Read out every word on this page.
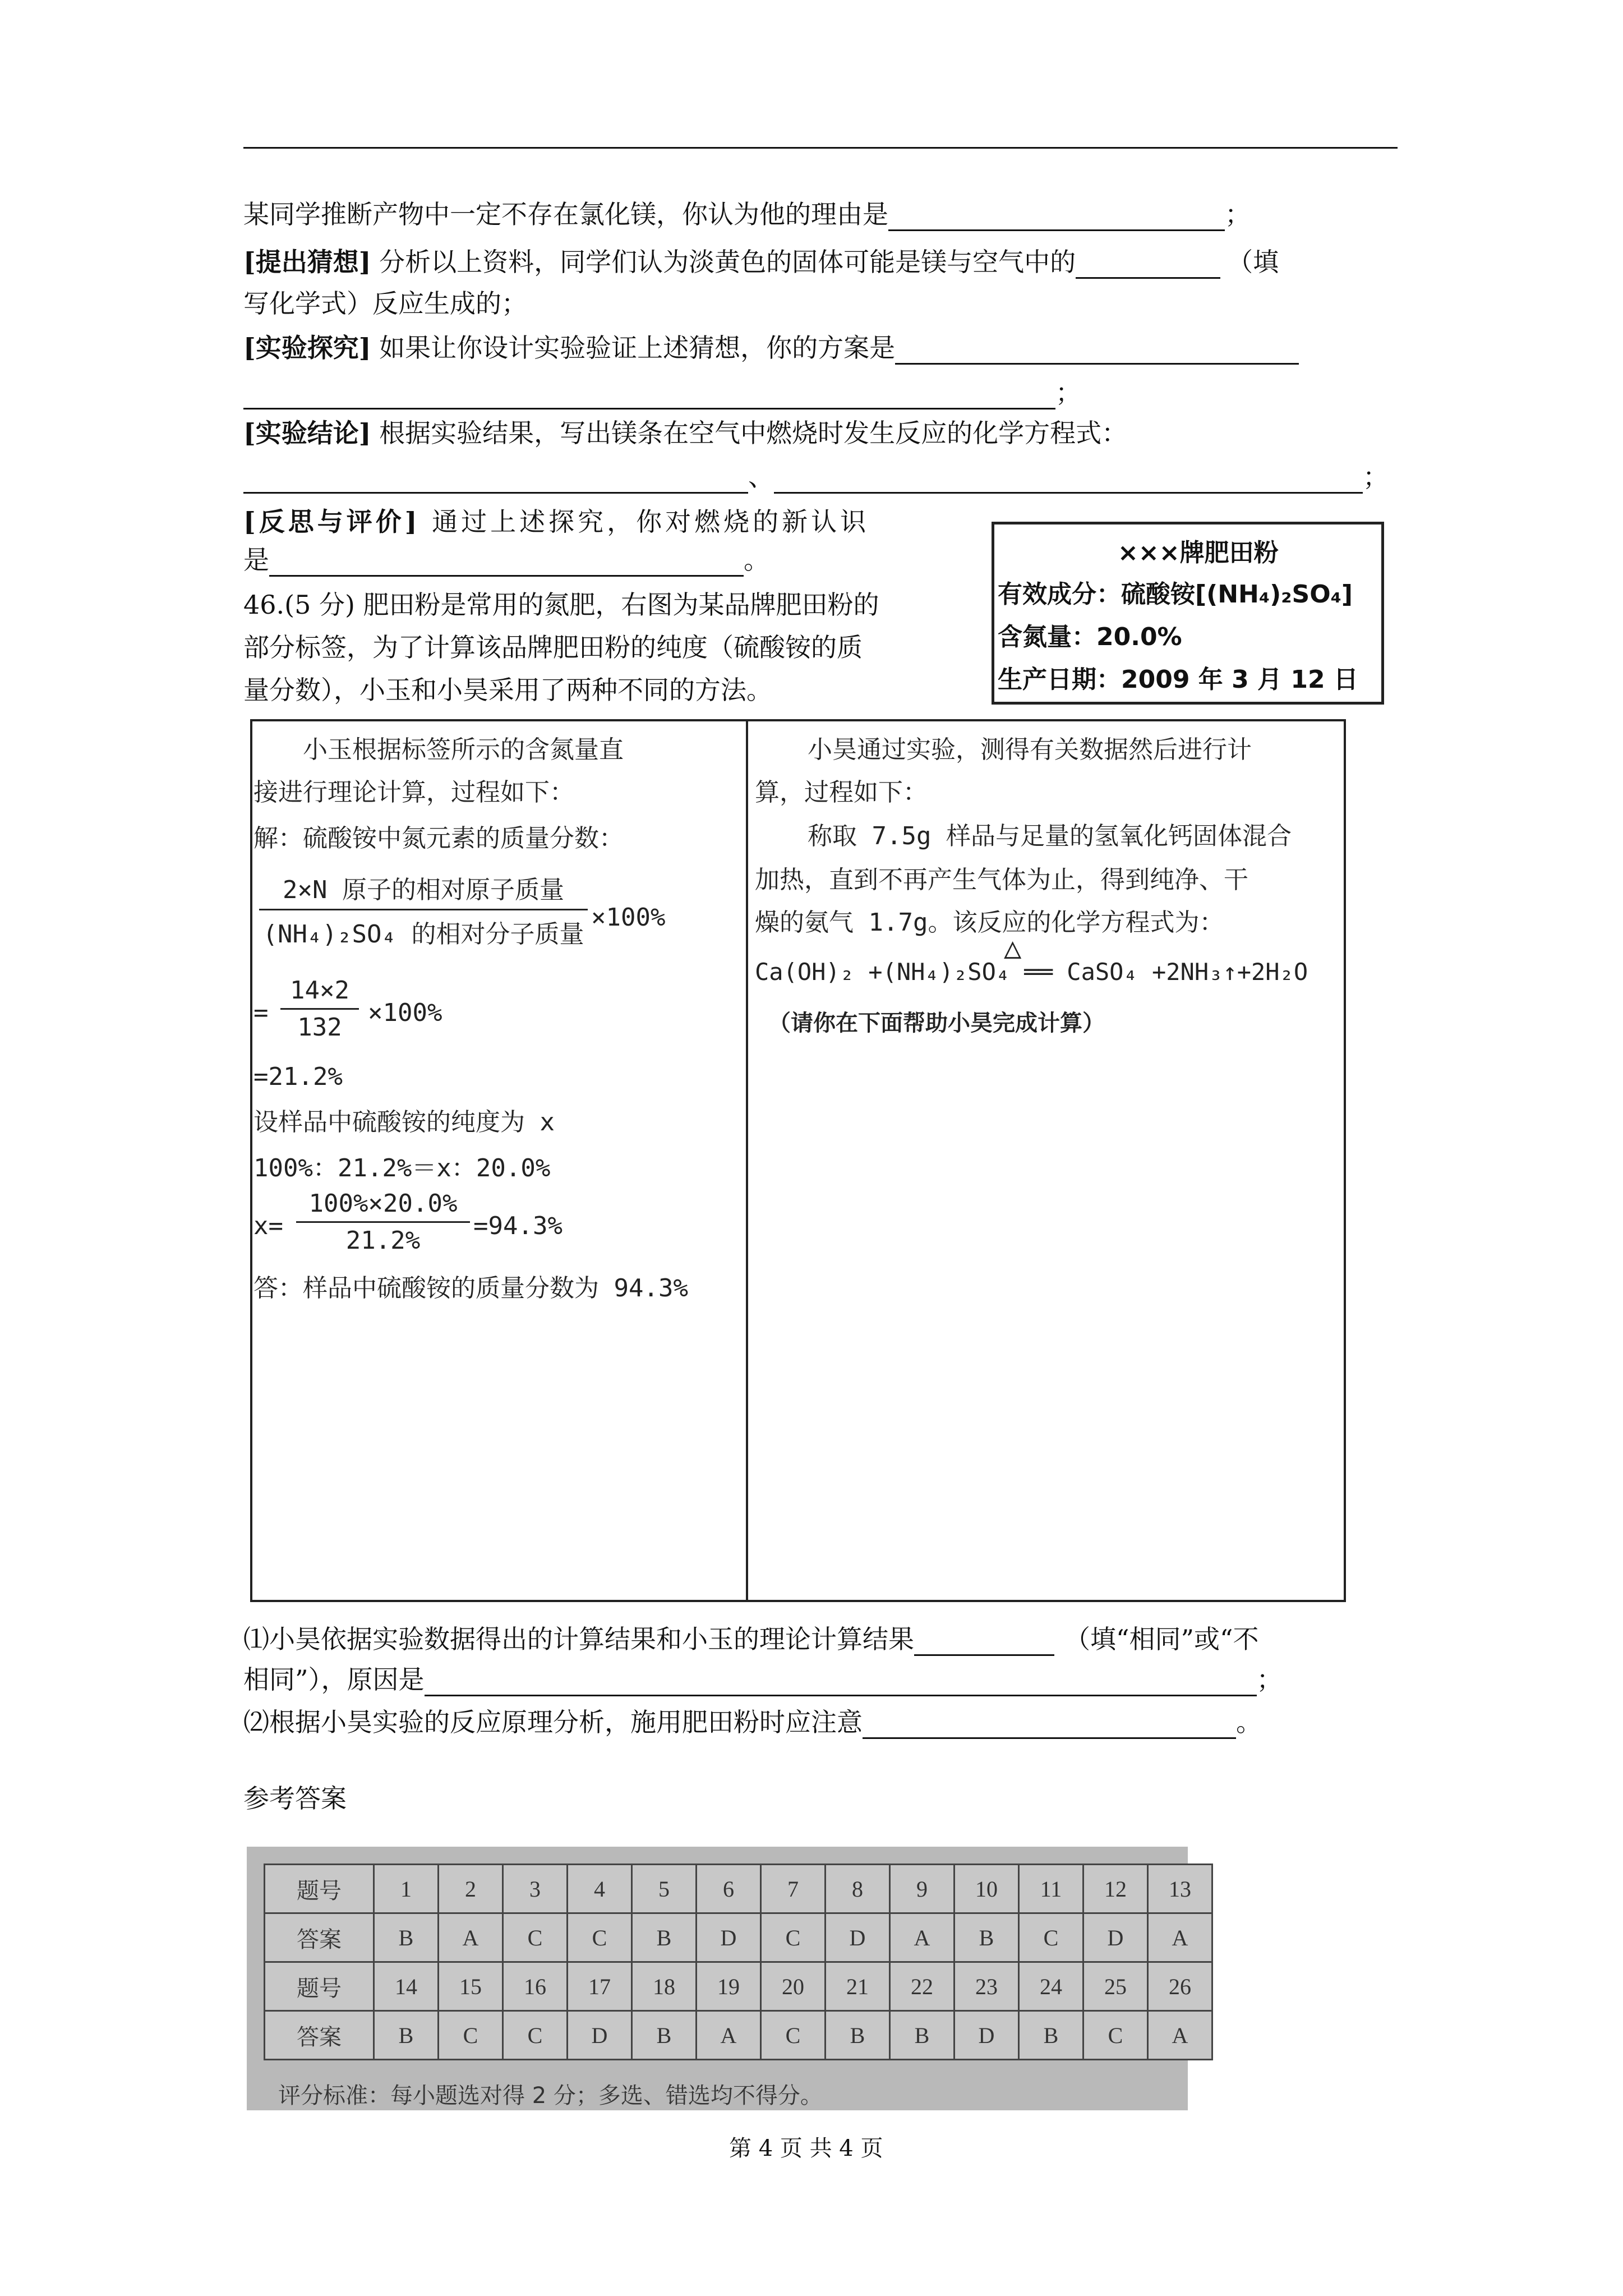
某同学推断产物中一定不存在氯化镁，你认为他的理由是	；
[提出猜想] 分析以上资料，同学们认为淡黄色的固体可能是镁与空气中的	（填
写化学式）反应生成的；
[实验探究] 如果让你设计实验验证上述猜想，你的方案是
；
[实验结论] 根据实验结果，写出镁条在空气中燃烧时发生反应的化学方程式：
、	；
[反思与评价] 通过上述探究，你对燃烧的新认识
是	。
46.(5 分) 肥田粉是常用的氮肥，右图为某品牌肥田粉的
部分标签，为了计算该品牌肥田粉的纯度（硫酸铵的质
量分数），小玉和小昊采用了两种不同的方法。
×××牌肥田粉
有效成分：硫酸铵[(NH₄)₂SO₄]
含氮量：20.0%
生产日期：2009 年 3 月 12 日
小玉根据标签所示的含氮量直
接进行理论计算，过程如下：
解：硫酸铵中氮元素的质量分数：
2×N 原子的相对原子质量
(NH₄)₂SO₄ 的相对分子质量
×100%
= $\frac{14\times 2}{132} \times 100\%$
=21.2%
设样品中硫酸铵的纯度为 x
100%：21.2%＝x：20.0%
$x= \frac{100\%\times 20.0\%}{21.2\%} =94.3\%$
答：样品中硫酸铵的质量分数为 94.3%
小昊通过实验，测得有关数据然后进行计
算，过程如下：
称取 7.5g 样品与足量的氢氧化钙固体混合
加热，直到不再产生气体为止，得到纯净、干
燥的氨气 1.7g。该反应的化学方程式为：
△
Ca(OH)₂ +(NH₄)₂SO₄ ══ CaSO₄ +2NH₃↑+2H₂O
（请你在下面帮助小昊完成计算）
⑴小昊依据实验数据得出的计算结果和小玉的理论计算结果	（填“相同”或“不
相同”），原因是	；
⑵根据小昊实验的反应原理分析，施用肥田粉时应注意	。
参考答案
题号	1	2	3	4	5	6	7	8	9	10	11	12	13
答案	B	A	C	C	B	D	C	D	A	B	C	D	A
题号	14	15	16	17	18	19	20	21	22	23	24	25	26
答案	B	C	C	D	B	A	C	B	B	D	B	C	A
评分标准：每小题选对得 2 分；多选、错选均不得分。
第 4 页 共 4 页
